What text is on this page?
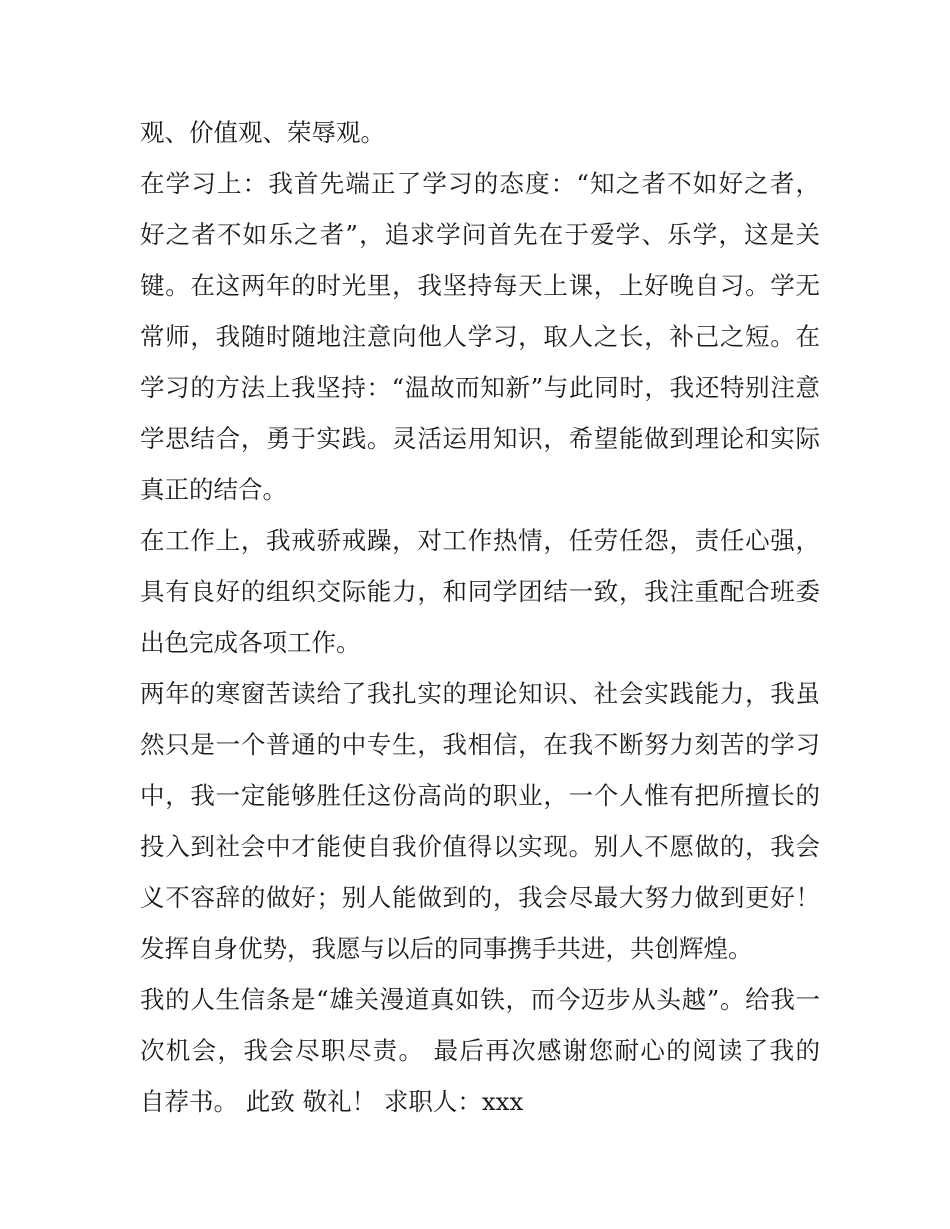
观、价值观、荣辱观。
在学习上：我首先端正了学习的态度：“知之者不如好之者，
好之者不如乐之者”，追求学问首先在于爱学、乐学，这是关
键。在这两年的时光里，我坚持每天上课，上好晚自习。学无
常师，我随时随地注意向他人学习，取人之长，补己之短。在
学习的方法上我坚持：“温故而知新”与此同时，我还特别注意
学思结合，勇于实践。灵活运用知识，希望能做到理论和实际
真正的结合。
在工作上，我戒骄戒躁，对工作热情，任劳任怨，责任心强，
具有良好的组织交际能力，和同学团结一致，我注重配合班委
出色完成各项工作。
两年的寒窗苦读给了我扎实的理论知识、社会实践能力，我虽
然只是一个普通的中专生，我相信，在我不断努力刻苦的学习
中，我一定能够胜任这份高尚的职业，一个人惟有把所擅长的
投入到社会中才能使自我价值得以实现。别人不愿做的，我会
义不容辞的做好；别人能做到的，我会尽最大努力做到更好！
发挥自身优势，我愿与以后的同事携手共进，共创辉煌。
我的人生信条是“雄关漫道真如铁，而今迈步从头越”。给我一
次机会，我会尽职尽责。 最后再次感谢您耐心的阅读了我的
自荐书。 此致 敬礼！ 求职人：xxx
